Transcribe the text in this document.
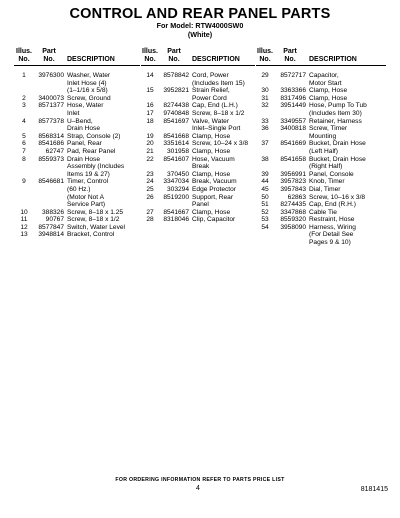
CONTROL AND REAR PANEL PARTS
For Model: RTW4000SW0
(White)
Illus.
No.
Part
No. DESCRIPTION
1	3976300 Washer, Water
Inlet Hose (4)
(1–1/16 x 5/8)
2	3400073 Screw, Ground
3	8571377 Hose, Water
Inlet
4	8577378 U–Bend,
Drain Hose
5	8568314 Strap, Console (2)
6	8541686 Panel, Rear
7	62747 Pad, Rear Panel
8	8559373 Drain Hose
Assembly (Includes
Items 19 & 27)
9	8546681 Timer, Control
(60 Hz.)
(Motor Not A
Service Part)
10	388326 Screw, 8–18 x 1.25
11	90767 Screw, 8–18 x 1/2
12	8577847 Switch, Water Level
13	3948814 Bracket, Control
Illus.
No.
Part
No. DESCRIPTION
14	8578842 Cord, Power
(Includes Item 15)
15	3952821 Strain Relief,
Power Cord
16	8274438 Cap, End (L.H.)
17	9740848 Screw, 8–18 x 1/2
18	8541697 Valve, Water
Inlet–Single Port
19	8541668 Clamp, Hose
20	3351614 Screw, 10–24 x 3/8
21	301958 Clamp, Hose
22	8541607 Hose, Vacuum
Break
23	370450 Clamp, Hose
24	3347034 Break, Vacuum
25	303294 Edge Protector
26	8519200 Support, Rear
Panel
27	8541667 Clamp, Hose
28	8318046 Clip, Capacitor
Illus.
No.
Part
No. DESCRIPTION
29	8572717 Capacitor,
Motor Start
30	3363366 Clamp, Hose
31	8317496 Clamp, Hose
32	3951449 Hose, Pump To Tub
(Includes Item 30)
33	3349557 Retainer, Harness
36	3400818 Screw, Timer
Mounting
37	8541669 Bucket, Drain Hose
(Left Half)
38	8541658 Bucket, Drain Hose
(Right Half)
39	3956991 Panel, Console
44	3957823 Knob, Timer
45	3957843 Dial, Timer
50	62863 Screw, 10–16 x 3/8
51	8274435 Cap, End (R.H.)
52	3347868 Cable Tie
53	8559320 Restraint, Hose
54	3958090 Harness, Wiring
(For Detail See
Pages 9 & 10)
FOR ORDERING INFORMATION REFER TO PARTS PRICE LIST
4	8181415
